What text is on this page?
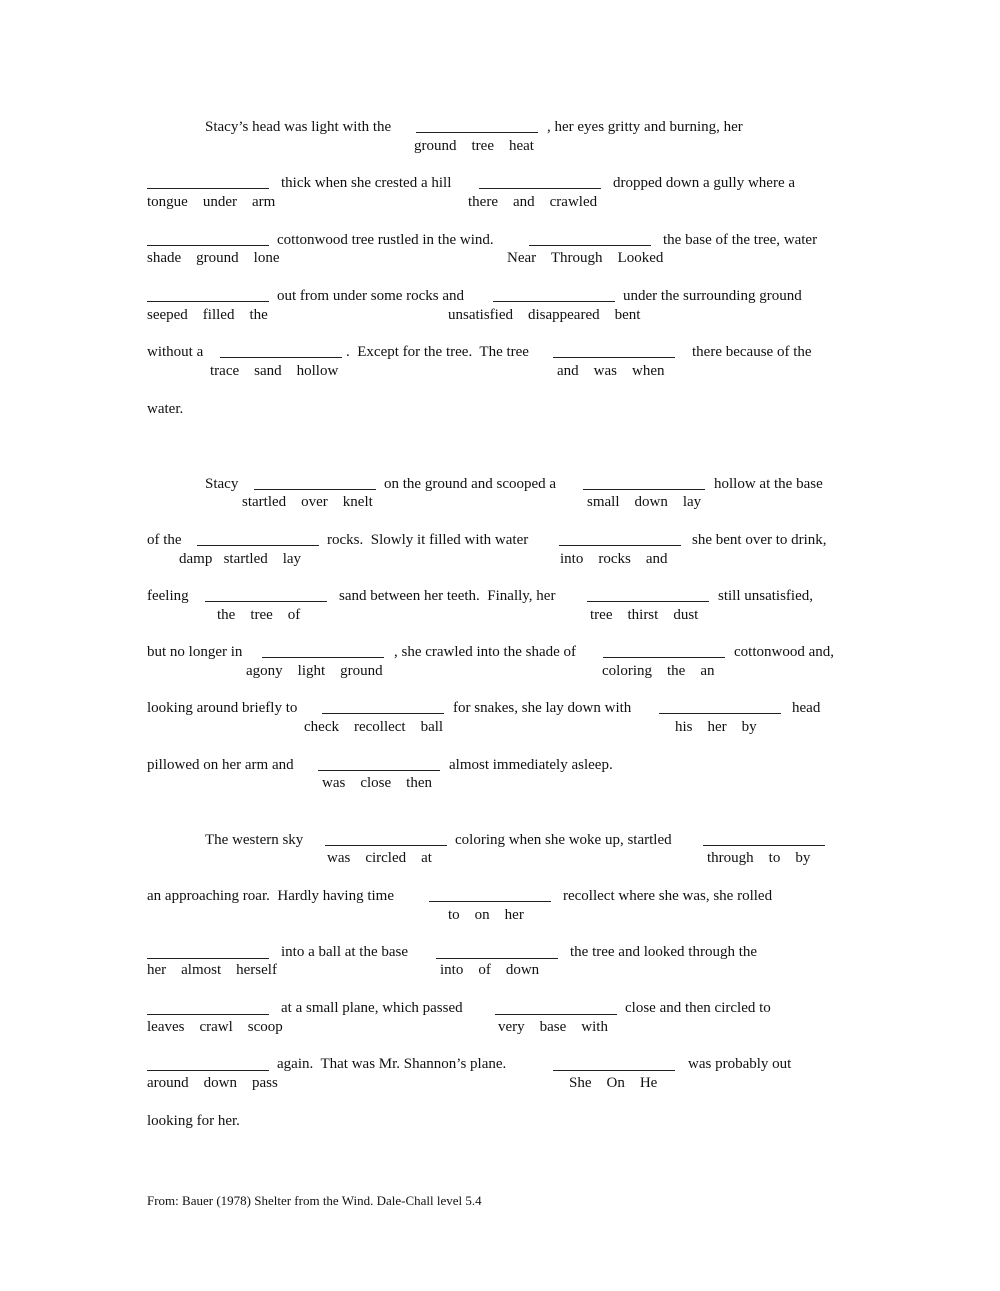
Stacy’s head was light with the	, her eyes gritty and burning, her
ground    tree    heat
thick when she crested a hill	dropped down a gully where a
tongue    under    arm	there    and    crawled
cottonwood tree rustled in the wind.	the base of the tree, water
shade    ground    lone	Near    Through    Looked
out from under some rocks and	under the surrounding ground
seeped    filled    the	unsatisfied    disappeared    bent
without a	.  Except for the tree.  The tree	there because of the
trace    sand    hollow	and    was    when
water.
Stacy	on the ground and scooped a	hollow at the base
startled    over    knelt	small    down    lay
of the	rocks.  Slowly it filled with water	she bent over to drink,
damp   startled    lay	into    rocks    and
feeling	sand between her teeth.  Finally, her	still unsatisfied,
the    tree    of	tree    thirst    dust
but no longer in	, she crawled into the shade of	cottonwood and,
agony    light    ground	coloring    the    an
looking around briefly to	for snakes, she lay down with	head
check    recollect    ball	his    her    by
pillowed on her arm and	almost immediately asleep.
was    close    then
The western sky	coloring when she woke up, startled
was    circled    at	through    to    by
an approaching roar.  Hardly having time	recollect where she was, she rolled
to    on    her
into a ball at the base	the tree and looked through the
her    almost    herself	into    of    down
at a small plane, which passed	close and then circled to
leaves    crawl    scoop	very    base    with
again.  That was Mr. Shannon’s plane.	was probably out
around    down    pass	She    On    He
looking for her.
From: Bauer (1978) Shelter from the Wind. Dale-Chall level 5.4
